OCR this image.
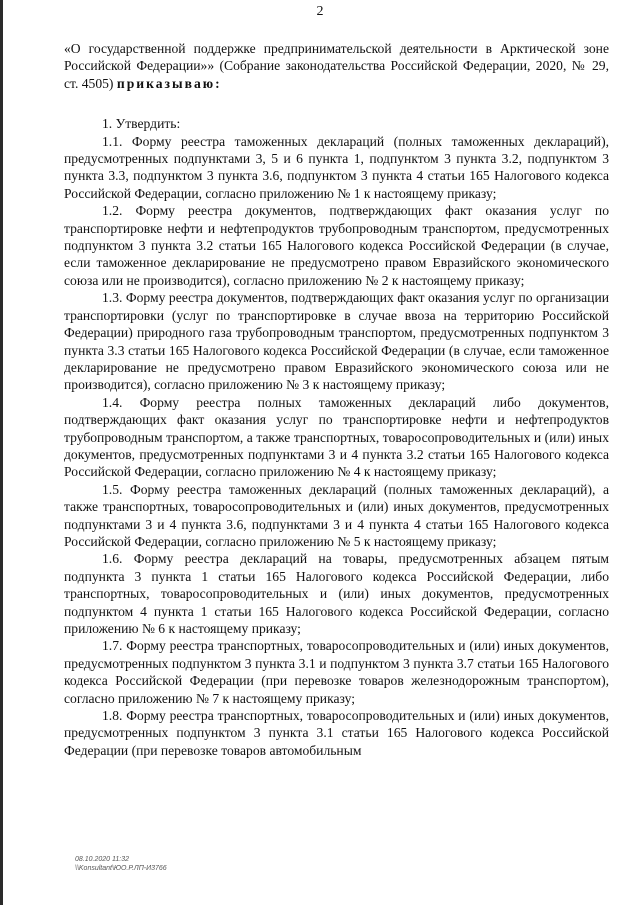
2

«О государственной поддержке предпринимательской деятельности в Арктической зоне Российской Федерации»» (Собрание законодательства Российской Федерации, 2020, № 29, ст. 4505) приказываю:

1. Утвердить:

1.1. Форму реестра таможенных деклараций (полных таможенных деклараций), предусмотренных подпунктами 3, 5 и 6 пункта 1, подпунктом 3 пункта 3.2, подпунктом 3 пункта 3.3, подпунктом 3 пункта 3.6, подпунктом 3 пункта 4 статьи 165 Налогового кодекса Российской Федерации, согласно приложению № 1 к настоящему приказу;

1.2. Форму реестра документов, подтверждающих факт оказания услуг по транспортировке нефти и нефтепродуктов трубопроводным транспортом, предусмотренных подпунктом 3 пункта 3.2 статьи 165 Налогового кодекса Российской Федерации (в случае, если таможенное декларирование не предусмотрено правом Евразийского экономического союза или не производится), согласно приложению № 2 к настоящему приказу;

1.3. Форму реестра документов, подтверждающих факт оказания услуг по организации транспортировки (услуг по транспортировке в случае ввоза на территорию Российской Федерации) природного газа трубопроводным транспортом, предусмотренных подпунктом 3 пункта 3.3 статьи 165 Налогового кодекса Российской Федерации (в случае, если таможенное декларирование не предусмотрено правом Евразийского экономического союза или не производится), согласно приложению № 3 к настоящему приказу;

1.4. Форму реестра полных таможенных деклараций либо документов, подтверждающих факт оказания услуг по транспортировке нефти и нефтепродуктов трубопроводным транспортом, а также транспортных, товаросопроводительных и (или) иных документов, предусмотренных подпунктами 3 и 4 пункта 3.2 статьи 165 Налогового кодекса Российской Федерации, согласно приложению № 4 к настоящему приказу;

1.5. Форму реестра таможенных деклараций (полных таможенных деклараций), а также транспортных, товаросопроводительных и (или) иных документов, предусмотренных подпунктами 3 и 4 пункта 3.6, подпунктами 3 и 4 пункта 4 статьи 165 Налогового кодекса Российской Федерации, согласно приложению № 5 к настоящему приказу;

1.6. Форму реестра деклараций на товары, предусмотренных абзацем пятым подпункта 3 пункта 1 статьи 165 Налогового кодекса Российской Федерации, либо транспортных, товаросопроводительных и (или) иных документов, предусмотренных подпунктом 4 пункта 1 статьи 165 Налогового кодекса Российской Федерации, согласно приложению № 6 к настоящему приказу;

1.7. Форму реестра транспортных, товаросопроводительных и (или) иных документов, предусмотренных подпунктом 3 пункта 3.1 и подпунктом 3 пункта 3.7 статьи 165 Налогового кодекса Российской Федерации (при перевозке товаров железнодорожным транспортом), согласно приложению № 7 к настоящему приказу;

1.8. Форму реестра транспортных, товаросопроводительных и (или) иных документов, предусмотренных подпунктом 3 пункта 3.1 статьи 165 Налогового кодекса Российской Федерации (при перевозке товаров автомобильным

08.10.2020 11:32
\\Konsultant\ЮО.Р.ЛП-И3766
